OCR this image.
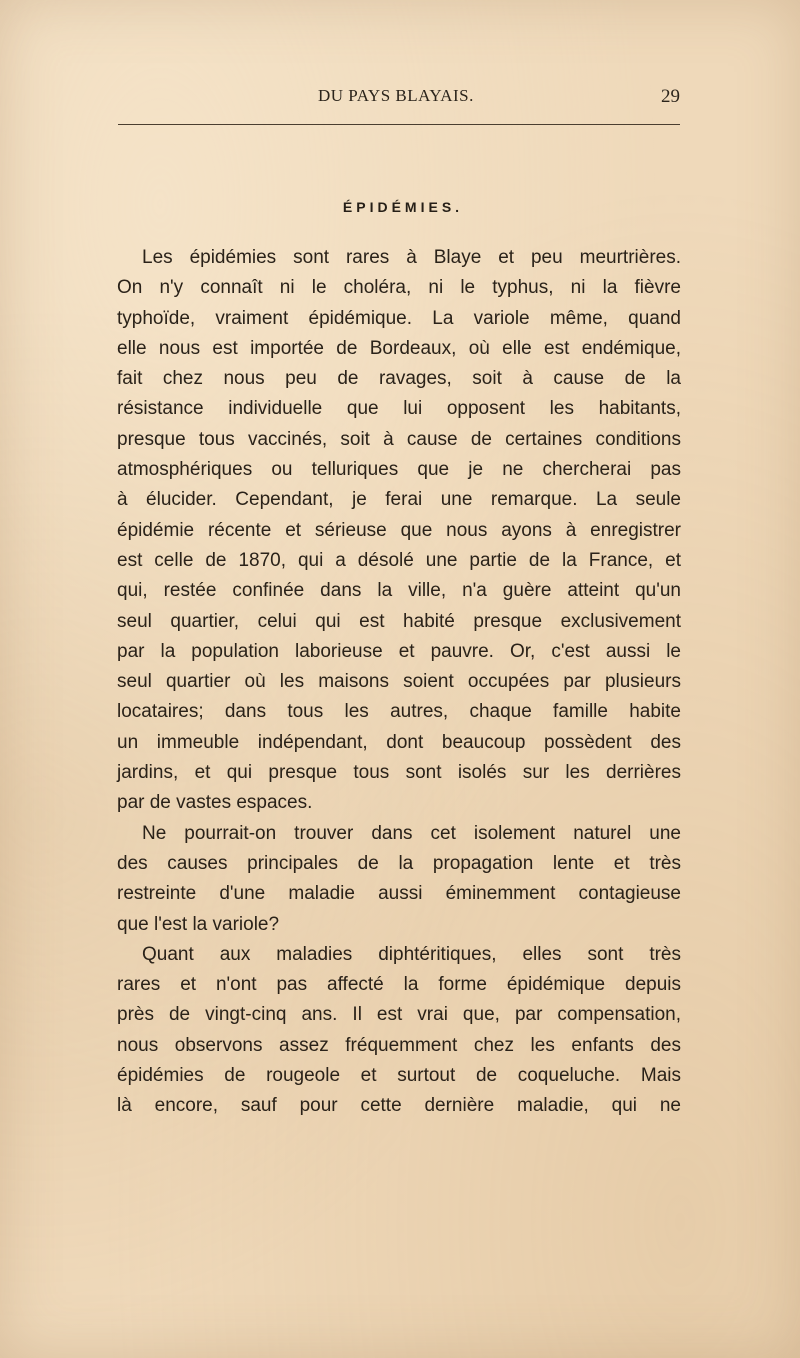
DU PAYS BLAYAIS.	29
ÉPIDÉMIES.
Les épidémies sont rares à Blaye et peu meurtrières.
On n'y connaît ni le choléra, ni le typhus, ni la fièvre
typhoïde, vraiment épidémique. La variole même, quand
elle nous est importée de Bordeaux, où elle est endémique,
fait chez nous peu de ravages, soit à cause de la
résistance individuelle que lui opposent les habitants,
presque tous vaccinés, soit à cause de certaines conditions
atmosphériques ou telluriques que je ne chercherai pas
à élucider. Cependant, je ferai une remarque. La seule
épidémie récente et sérieuse que nous ayons à enregistrer
est celle de 1870, qui a désolé une partie de la France, et
qui, restée confinée dans la ville, n'a guère atteint qu'un
seul quartier, celui qui est habité presque exclusivement
par la population laborieuse et pauvre. Or, c'est aussi le
seul quartier où les maisons soient occupées par plusieurs
locataires; dans tous les autres, chaque famille habite
un immeuble indépendant, dont beaucoup possèdent des
jardins, et qui presque tous sont isolés sur les derrières
par de vastes espaces.
Ne pourrait-on trouver dans cet isolement naturel une
des causes principales de la propagation lente et très
restreinte d'une maladie aussi éminemment contagieuse
que l'est la variole?
Quant aux maladies diphtéritiques, elles sont très
rares et n'ont pas affecté la forme épidémique depuis
près de vingt-cinq ans. Il est vrai que, par compensation,
nous observons assez fréquemment chez les enfants des
épidémies de rougeole et surtout de coqueluche. Mais
là encore, sauf pour cette dernière maladie, qui ne
